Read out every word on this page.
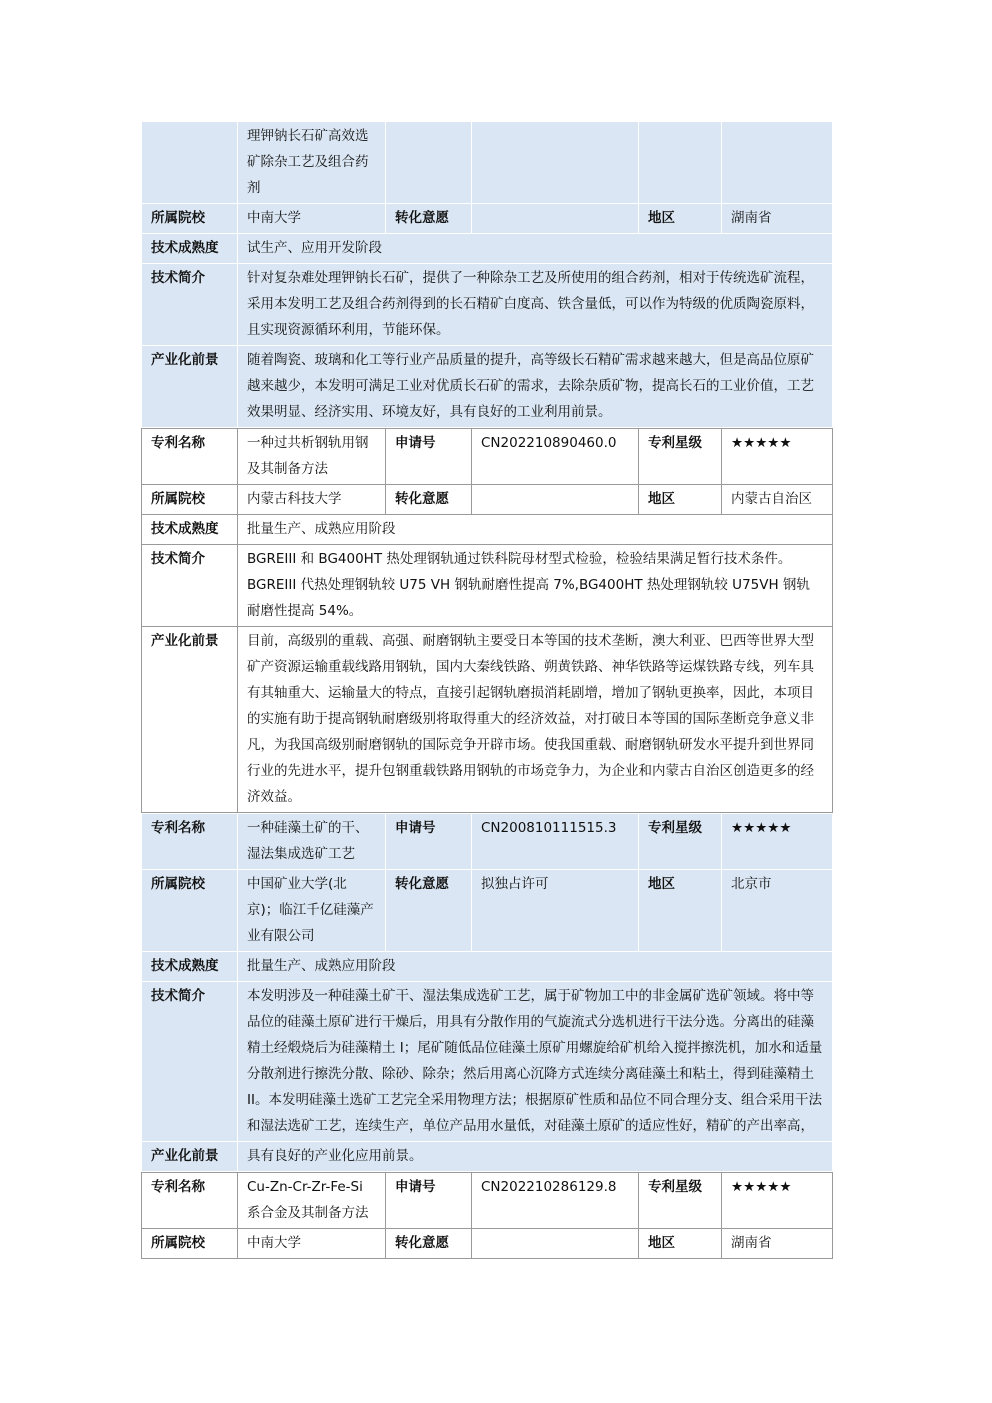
	理钾钠长石矿高效选矿除杂工艺及组合药剂				
所属院校	中南大学	转化意愿		地区	湖南省
技术成熟度	试生产、应用开发阶段				
技术简介	针对复杂难处理钾钠长石矿，提供了一种除杂工艺及所使用的组合药剂，相对于传统选矿流程，采用本发明工艺及组合药剂得到的长石精矿白度高、铁含量低，可以作为特级的优质陶瓷原料，且实现资源循环利用，节能环保。				
产业化前景	随着陶瓷、玻璃和化工等行业产品质量的提升，高等级长石精矿需求越来越大，但是高品位原矿越来越少，本发明可满足工业对优质长石矿的需求，去除杂质矿物，提高长石的工业价值，工艺效果明显、经济实用、环境友好，具有良好的工业利用前景。				
专利名称	一种过共析钢轨用钢及其制备方法	申请号	CN202210890460.0	专利星级	★★★★★
所属院校	内蒙古科技大学	转化意愿		地区	内蒙古自治区
技术成熟度	批量生产、成熟应用阶段				
技术简介	BGREIII 和 BG400HT 热处理钢轨通过铁科院母材型式检验，检验结果满足暂行技术条件。 BGREIII 代热处理钢轨较 U75 VH 钢轨耐磨性提高 7%,BG400HT 热处理钢轨较 U75VH 钢轨耐磨性提高 54%。				
产业化前景	目前，高级别的重载、高强、耐磨钢轨主要受日本等国的技术垄断，澳大利亚、巴西等世界大型矿产资源运输重载线路用钢轨，国内大秦线铁路、朔黄铁路、神华铁路等运煤铁路专线，列车具有其轴重大、运输量大的特点，直接引起钢轨磨损消耗剧增，增加了钢轨更换率，因此，本项目的实施有助于提高钢轨耐磨级别将取得重大的经济效益，对打破日本等国的国际垄断竞争意义非凡，为我国高级别耐磨钢轨的国际竞争开辟市场。使我国重载、耐磨钢轨研发水平提升到世界同行业的先进水平，提升包钢重载铁路用钢轨的市场竞争力，为企业和内蒙古自治区创造更多的经济效益。				
专利名称	一种硅藻土矿的干、湿法集成选矿工艺	申请号	CN200810111515.3	专利星级	★★★★★
所属院校	中国矿业大学(北京)；临江千亿硅藻产业有限公司	转化意愿	拟独占许可	地区	北京市
技术成熟度	批量生产、成熟应用阶段				
技术简介	本发明涉及一种硅藻土矿干、湿法集成选矿工艺，属于矿物加工中的非金属矿选矿领域。将中等品位的硅藻土原矿进行干燥后，用具有分散作用的气旋流式分选机进行干法分选。分离出的硅藻精土经煅烧后为硅藻精土 I；尾矿随低品位硅藻土原矿用螺旋给矿机给入搅拌擦洗机，加水和适量分散剂进行擦洗分散、除砂、除杂；然后用离心沉降方式连续分离硅藻土和粘土，得到硅藻精土 II。本发明硅藻土选矿工艺完全采用物理方法；根据原矿性质和品位不同合理分支、组合采用干法和湿法选矿工艺，连续生产，单位产品用水量低，对硅藻土原矿的适应性好，精矿的产出率高，				
产业化前景	具有良好的产业化应用前景。				
专利名称	Cu-Zn-Cr-Zr-Fe-Si 系合金及其制备方法	申请号	CN202210286129.8	专利星级	★★★★★
所属院校	中南大学	转化意愿		地区	湖南省
